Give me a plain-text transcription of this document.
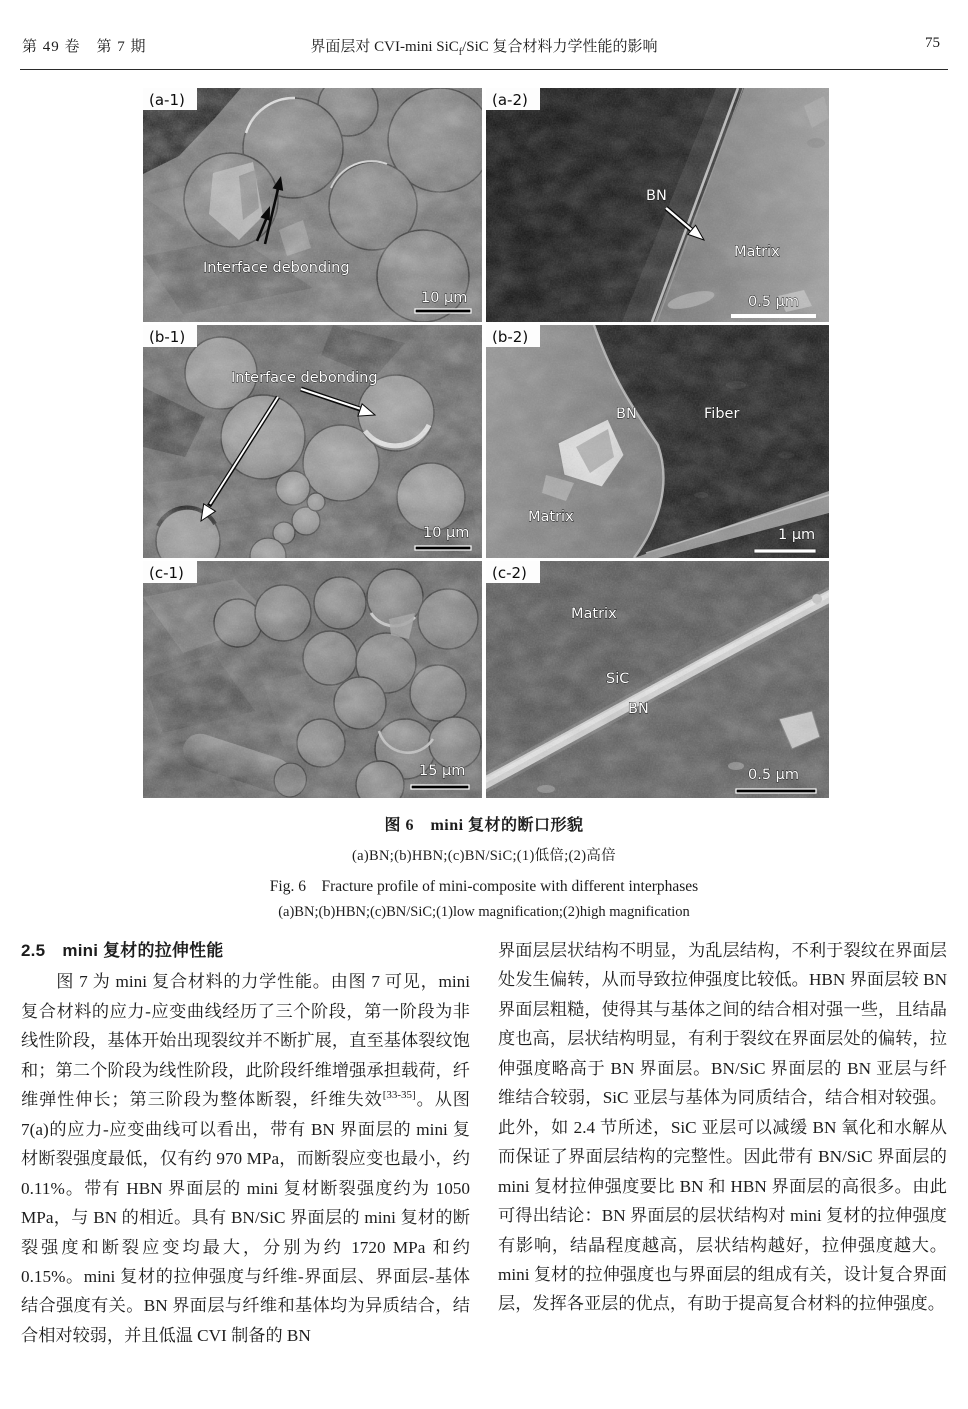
第 49 卷　第 7 期	界面层对 CVI-mini SiC$_f$/SiC 复合材料力学性能的影响	75
Interface debonding
10 μm
(a-1)
BN
Matrix
0.5 μm
(a-2)
Interface debonding
10 μm
(b-1)
BN	Fiber
Matrix
1 μm
(b-2)
15 μm
(c-1)
Matrix
SiC
BN
0.5 μm
(c-2)
图 6　mini 复材的断口形貌
(a)BN;(b)HBN;(c)BN/SiC;(1)低倍;(2)高倍
Fig. 6　Fracture profile of mini-composite with different interphases
(a)BN;(b)HBN;(c)BN/SiC;(1)low magnification;(2)high magnification
2.5　mini 复材的拉伸性能

图 7 为 mini 复合材料的力学性能。由图 7 可见，mini 复合材料的应力-应变曲线经历了三个阶段，第一阶段为非线性阶段，基体开始出现裂纹并不断扩展，直至基体裂纹饱和；第二个阶段为线性阶段，此阶段纤维增强承担载荷，纤维弹性伸长；第三阶段为整体断裂，纤维失效[33-35]。从图 7(a)的应力-应变曲线可以看出，带有 BN 界面层的 mini 复材断裂强度最低，仅有约 970 MPa，而断裂应变也最小，约 0.11%。带有 HBN 界面层的 mini 复材断裂强度约为 1050 MPa，与 BN 的相近。具有 BN/SiC 界面层的 mini 复材的断裂强度和断裂应变均最大，分别为约 1720 MPa 和约 0.15%。mini 复材的拉伸强度与纤维-界面层、界面层-基体结合强度有关。BN 界面层与纤维和基体均为异质结合，结合相对较弱，并且低温 CVI 制备的 BN

界面层层状结构不明显，为乱层结构，不利于裂纹在界面层处发生偏转，从而导致拉伸强度比较低。HBN 界面层较 BN 界面层粗糙，使得其与基体之间的结合相对强一些，且结晶度也高，层状结构明显，有利于裂纹在界面层处的偏转，拉伸强度略高于 BN 界面层。BN/SiC 界面层的 BN 亚层与纤维结合较弱，SiC 亚层与基体为同质结合，结合相对较强。此外，如 2.4 节所述，SiC 亚层可以减缓 BN 氧化和水解从而保证了界面层结构的完整性。因此带有 BN/SiC 界面层的 mini 复材拉伸强度要比 BN 和 HBN 界面层的高很多。由此可得出结论：BN 界面层的层状结构对 mini 复材的拉伸强度有影响，结晶程度越高，层状结构越好，拉伸强度越大。mini 复材的拉伸强度也与界面层的组成有关，设计复合界面层，发挥各亚层的优点，有助于提高复合材料的拉伸强度。
